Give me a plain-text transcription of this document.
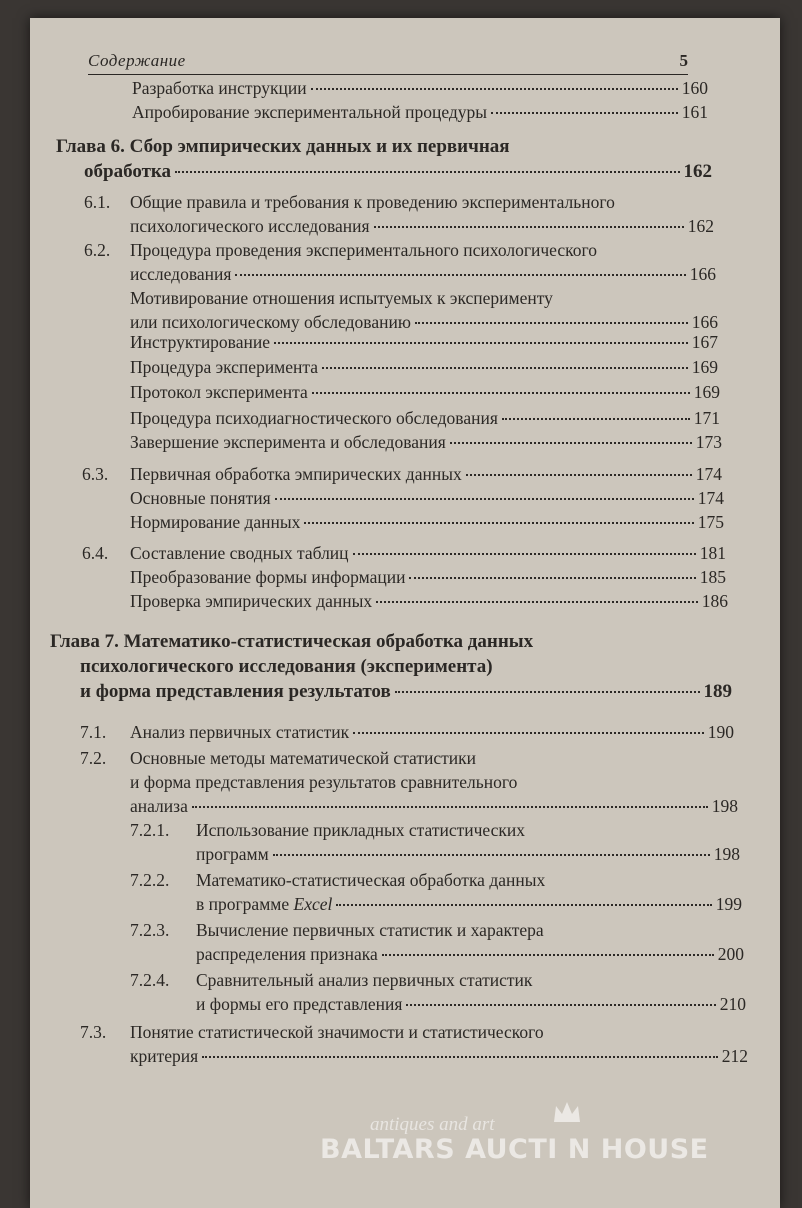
Содержание	5
Разработка инструкции	160
Апробирование экспериментальной процедуры	161
Глава 6. Сбор эмпирических данных и их первичная
обработка	162
6.1. Общие правила и требования к проведению экспериментального
психологического исследования	162
6.2. Процедура проведения экспериментального психологического
исследования	166
Мотивирование отношения испытуемых к эксперименту
или психологическому обследованию	166
Инструктирование	167
Процедура эксперимента	169
Протокол эксперимента	169
Процедура психодиагностического обследования	171
Завершение эксперимента и обследования	173
6.3. Первичная обработка эмпирических данных	174
Основные понятия	174
Нормирование данных	175
6.4. Составление сводных таблиц	181
Преобразование формы информации	185
Проверка эмпирических данных	186
Глава 7. Математико-статистическая обработка данных
психологического исследования (эксперимента)
и форма представления результатов	189
7.1. Анализ первичных статистик	190
7.2. Основные методы математической статистики
и форма представления результатов сравнительного
анализа	198
7.2.1. Использование прикладных статистических
программ	198
7.2.2. Математико-статистическая обработка данных
в программе Excel	199
7.2.3. Вычисление первичных статистик и характера
распределения признака	200
7.2.4. Сравнительный анализ первичных статистик
и формы его представления	210
7.3. Понятие статистической значимости и статистического
критерия	212
antiques and art
BALTARS AUCTI N HOUSE
